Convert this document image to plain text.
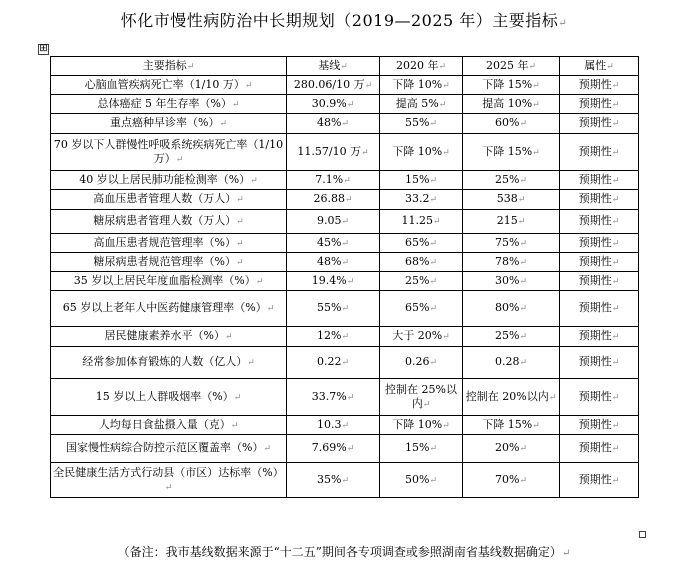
怀化市慢性病防治中长期规划（2019—2025 年）主要指标↵
⊞
主要指标↵	基线↵	2020 年↵	2025 年↵	属性↵
心脑血管疾病死亡率（1/10 万）↵	280.06/10 万↵	下降 10%↵	下降 15%↵	预期性↵
总体癌症 5 年生存率（%）↵	30.9%↵	提高 5%↵	提高 10%↵	预期性↵
重点癌种早诊率（%）↵	48%↵	55%↵	60%↵	预期性↵
70 岁以下人群慢性呼吸系统疾病死亡率（1/10 万）↵	11.57/10 万↵	下降 10%↵	下降 15%↵	预期性↵
40 岁以上居民肺功能检测率（%）↵	7.1%↵	15%↵	25%↵	预期性↵
高血压患者管理人数（万人）↵	26.88↵	33.2↵	538↵	预期性↵
糖尿病患者管理人数（万人）↵	9.05↵	11.25↵	215↵	预期性↵
高血压患者规范管理率（%）↵	45%↵	65%↵	75%↵	预期性↵
糖尿病患者规范管理率（%）↵	48%↵	68%↵	78%↵	预期性↵
35 岁以上居民年度血脂检测率（%）↵	19.4%↵	25%↵	30%↵	预期性↵
65 岁以上老年人中医药健康管理率（%）↵	55%↵	65%↵	80%↵	预期性↵
居民健康素养水平（%）↵	12%↵	大于 20%↵	25%↵	预期性↵
经常参加体育锻炼的人数（亿人）↵	0.22↵	0.26↵	0.28↵	预期性↵
15 岁以上人群吸烟率（%）↵	33.7%↵	控制在 25%以内↵	控制在 20%以内↵	预期性↵
人均每日食盐摄入量（克）↵	10.3↵	下降 10%↵	下降 15%↵	预期性↵
国家慢性病综合防控示范区覆盖率（%）↵	7.69%↵	15%↵	20%↵	预期性↵
全民健康生活方式行动县（市区）达标率（%）↵	35%↵	50%↵	70%↵	预期性↵
（备注：我市基线数据来源于“十二五”期间各专项调查或参照湖南省基线数据确定）↵
